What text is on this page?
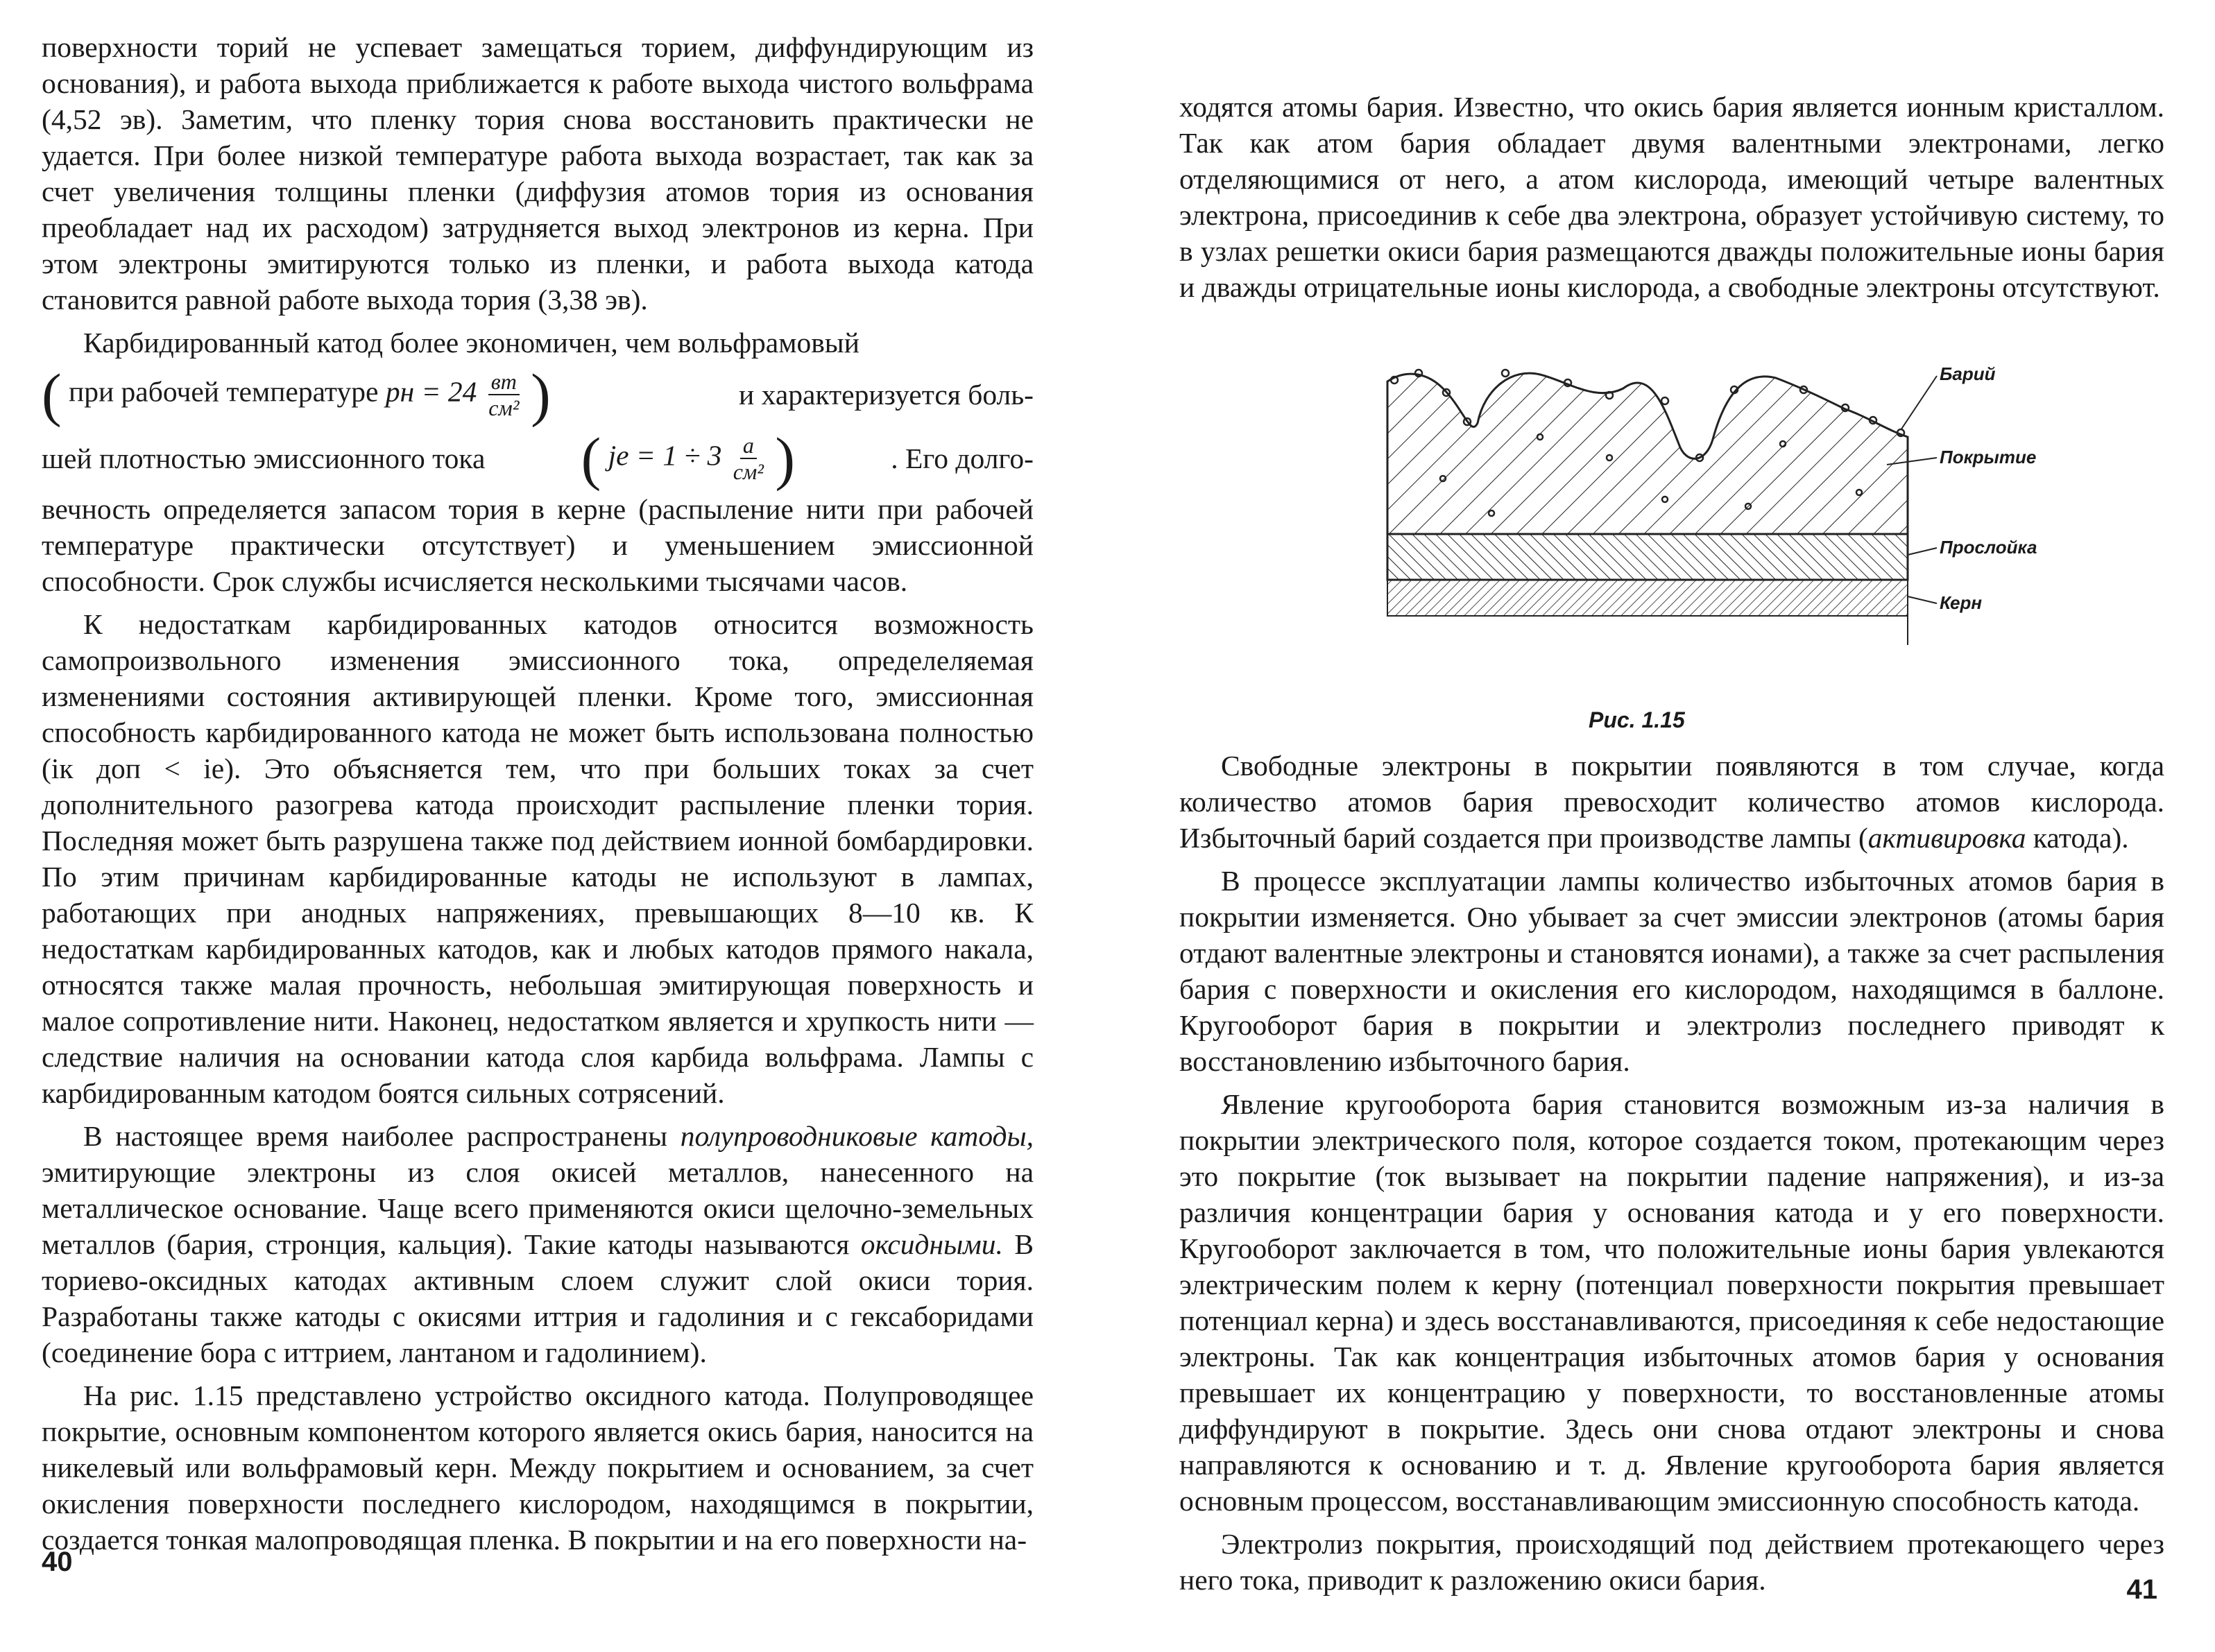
поверхности торий не успевает замещаться торием, диффундирующим из основания), и работа выхода приближается к работе выхода чистого вольфрама (4,52 эв). Заметим, что пленку тория снова восстановить практически не удается. При более низкой температуре работа выхода возрастает, так как за счет увеличения толщины пленки (диффузия атомов тория из основания преобладает над их расходом) затрудняется выход электронов из керна. При этом электроны эмитируются только из пленки, и работа выхода катода становится равной работе выхода тория (3,38 эв).

Карбидированный катод более экономичен, чем вольфрамовый

( при рабочей температуре pн = $24 \frac{вт}{\text{см²}}$ )	и характеризуется боль-
шей плотностью эмиссионного тока ( je = $1 \div 3 \frac{а}{\text{см²}}$ )	. Его долго-

вечность определяется запасом тория в керне (распыление нити при рабочей температуре практически отсутствует) и уменьшением эмиссионной способности. Срок службы исчисляется несколькими тысячами часов.

К недостаткам карбидированных катодов относится возможность самопроизвольного изменения эмиссионного тока, определеляемая изменениями состояния активирующей пленки. Кроме того, эмиссионная способность карбидированного катода не может быть использована полностью (iк доп < ie). Это объясняется тем, что при больших токах за счет дополнительного разогрева катода происходит распыление пленки тория. Последняя может быть разрушена также под действием ионной бомбардировки. По этим причинам карбидированные катоды не используют в лампах, работающих при анодных напряжениях, превышающих 8—10 кв. К недостаткам карбидированных катодов, как и любых катодов прямого накала, относятся также малая прочность, небольшая эмитирующая поверхность и малое сопротивление нити. Наконец, недостатком является и хрупкость нити — следствие наличия на основании катода слоя карбида вольфрама. Лампы с карбидированным катодом боятся сильных сотрясений.

В настоящее время наиболее распространены полупроводниковые катоды, эмитирующие электроны из слоя окисей металлов, нанесенного на металлическое основание. Чаще всего применяются окиси щелочно-земельных металлов (бария, стронция, кальция). Такие катоды называются оксидными. В ториево-оксидных катодах активным слоем служит слой окиси тория. Разработаны также катоды с окисями иттрия и гадолиния и с гексаборидами (соединение бора с иттрием, лантаном и гадолинием).

На рис. 1.15 представлено устройство оксидного катода. Полупроводящее покрытие, основным компонентом которого является окись бария, наносится на никелевый или вольфрамовый керн. Между покрытием и основанием, за счет окисления поверхности последнего кислородом, находящимся в покрытии, создается тонкая малопроводящая пленка. В покрытии и на его поверхности на-

40

ходятся атомы бария. Известно, что окись бария является ионным кристаллом. Так как атом бария обладает двумя валентными электронами, легко отделяющимися от него, а атом кислорода, имеющий четыре валентных электрона, присоединив к себе два электрона, образует устойчивую систему, то в узлах решетки окиси бария размещаются дважды положительные ионы бария и дважды отрицательные ионы кислорода, а свободные электроны отсутствуют.

Барий
Покрытие
Прослойка
Керн
Рис. 1.15

Свободные электроны в покрытии появляются в том случае, когда количество атомов бария превосходит количество атомов кислорода. Избыточный барий создается при производстве лампы (активировка катода).

В процессе эксплуатации лампы количество избыточных атомов бария в покрытии изменяется. Оно убывает за счет эмиссии электронов (атомы бария отдают валентные электроны и становятся ионами), а также за счет распыления бария с поверхности и окисления его кислородом, находящимся в баллоне. Кругооборот бария в покрытии и электролиз последнего приводят к восстановлению избыточного бария.

Явление кругооборота бария становится возможным из-за наличия в покрытии электрического поля, которое создается током, протекающим через это покрытие (ток вызывает на покрытии падение напряжения), и из-за различия концентрации бария у основания катода и у его поверхности. Кругооборот заключается в том, что положительные ионы бария увлекаются электрическим полем к керну (потенциал поверхности покрытия превышает потенциал керна) и здесь восстанавливаются, присоединяя к себе недостающие электроны. Так как концентрация избыточных атомов бария у основания превышает их концентрацию у поверхности, то восстановленные атомы диффундируют в покрытие. Здесь они снова отдают электроны и снова направляются к основанию и т. д. Явление кругооборота бария является основным процессом, восстанавливающим эмиссионную способность катода.

Электролиз покрытия, происходящий под действием протекающего через него тока, приводит к разложению окиси бария.	41
